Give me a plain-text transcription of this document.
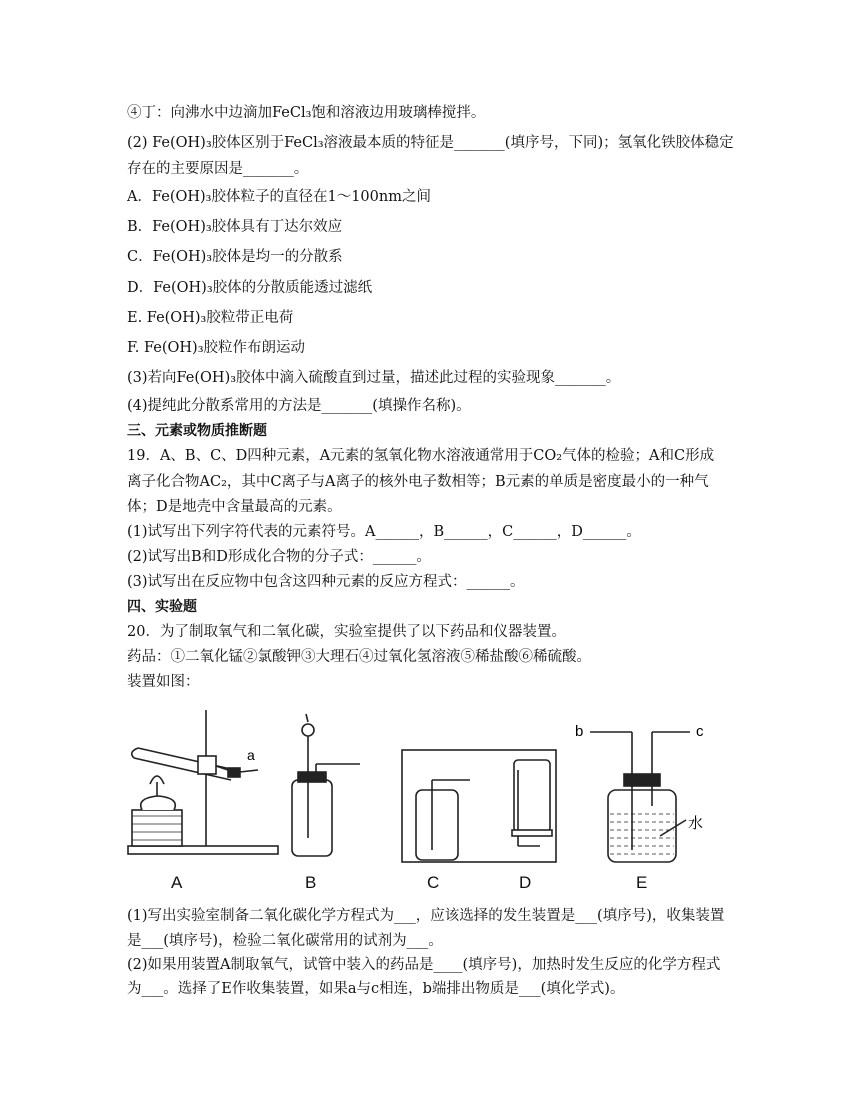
④丁：向沸水中边滴加FeCl₃饱和溶液边用玻璃棒搅拌。
(2) Fe(OH)₃胶体区别于FeCl₃溶液最本质的特征是_______(填序号，下同)；氢氧化铁胶体稳定
存在的主要原因是_______。
A．Fe(OH)₃胶体粒子的直径在1～100nm之间
B．Fe(OH)₃胶体具有丁达尔效应
C．Fe(OH)₃胶体是均一的分散系
D．Fe(OH)₃胶体的分散质能透过滤纸
E. Fe(OH)₃胶粒带正电荷
F. Fe(OH)₃胶粒作布朗运动
(3)若向Fe(OH)₃胶体中滴入硫酸直到过量，描述此过程的实验现象_______。
(4)提纯此分散系常用的方法是_______(填操作名称)。
三、元素或物质推断题
19．A、B、C、D四种元素，A元素的氢氧化物水溶液通常用于CO₂气体的检验；A和C形成
离子化合物AC₂，其中C离子与A离子的核外电子数相等；B元素的单质是密度最小的一种气
体；D是地壳中含量最高的元素。
(1)试写出下列字符代表的元素符号。A______，B______，C______，D______。
(2)试写出B和D形成化合物的分子式：______。
(3)试写出在反应物中包含这四种元素的反应方程式：______。
四、实验题
20．为了制取氧气和二氧化碳，实验室提供了以下药品和仪器装置。
药品：①二氧化锰②氯酸钾③大理石④过氧化氢溶液⑤稀盐酸⑥稀硫酸。
装置如图：
a
b	c
水
A	B	C	D	E
(1)写出实验室制备二氧化碳化学方程式为___，应该选择的发生装置是___(填序号)，收集装置
是___(填序号)，检验二氧化碳常用的试剂为___。
(2)如果用装置A制取氧气，试管中装入的药品是____(填序号)，加热时发生反应的化学方程式
为___。选择了E作收集装置，如果a与c相连，b端排出物质是___(填化学式)。
